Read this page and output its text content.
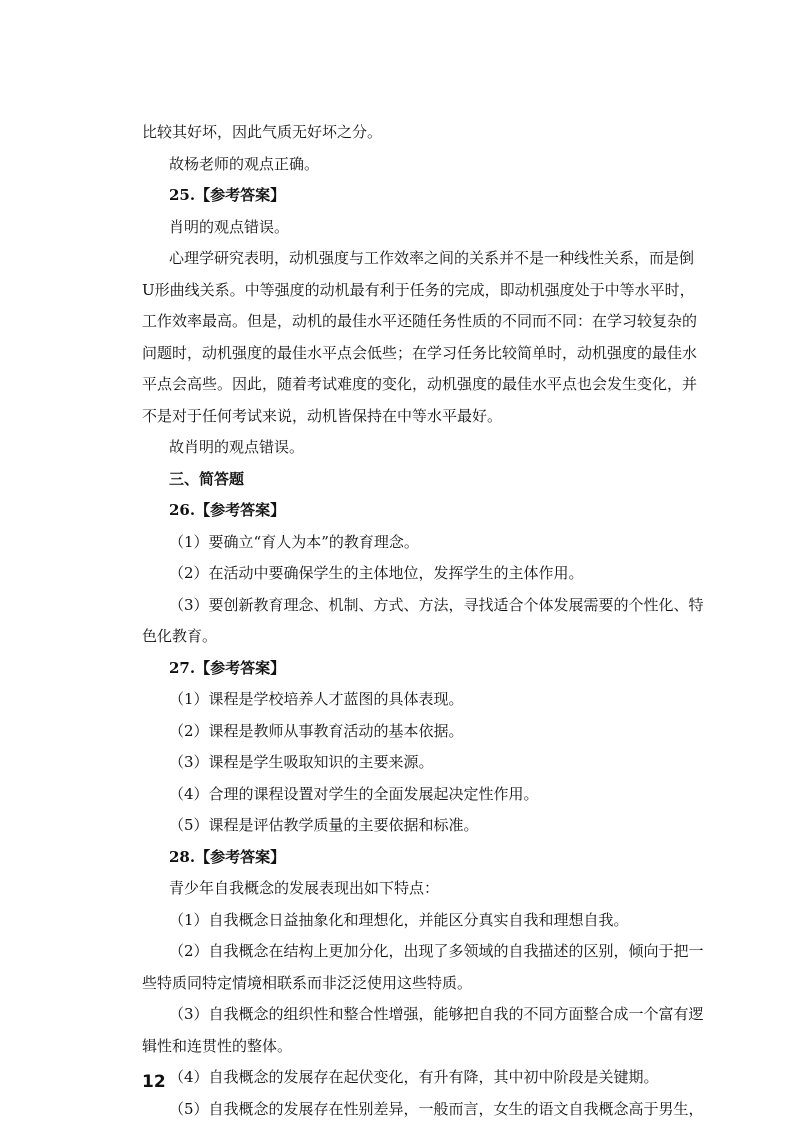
比较其好坏，因此气质无好坏之分。
故杨老师的观点正确。
25.【参考答案】
肖明的观点错误。
心理学研究表明，动机强度与工作效率之间的关系并不是一种线性关系，而是倒
U形曲线关系。中等强度的动机最有利于任务的完成，即动机强度处于中等水平时，
工作效率最高。但是，动机的最佳水平还随任务性质的不同而不同：在学习较复杂的
问题时，动机强度的最佳水平点会低些；在学习任务比较简单时，动机强度的最佳水
平点会高些。因此，随着考试难度的变化，动机强度的最佳水平点也会发生变化，并
不是对于任何考试来说，动机皆保持在中等水平最好。
故肖明的观点错误。
三、简答题
26.【参考答案】
（1）要确立“育人为本”的教育理念。
（2）在活动中要确保学生的主体地位，发挥学生的主体作用。
（3）要创新教育理念、机制、方式、方法，寻找适合个体发展需要的个性化、特
色化教育。
27.【参考答案】
（1）课程是学校培养人才蓝图的具体表现。
（2）课程是教师从事教育活动的基本依据。
（3）课程是学生吸取知识的主要来源。
（4）合理的课程设置对学生的全面发展起决定性作用。
（5）课程是评估教学质量的主要依据和标准。
28.【参考答案】
青少年自我概念的发展表现出如下特点：
（1）自我概念日益抽象化和理想化，并能区分真实自我和理想自我。
（2）自我概念在结构上更加分化，出现了多领域的自我描述的区别，倾向于把一
些特质同特定情境相联系而非泛泛使用这些特质。
（3）自我概念的组织性和整合性增强，能够把自我的不同方面整合成一个富有逻
辑性和连贯性的整体。
（4）自我概念的发展存在起伏变化，有升有降，其中初中阶段是关键期。
（5）自我概念的发展存在性别差异，一般而言，女生的语文自我概念高于男生，
12
